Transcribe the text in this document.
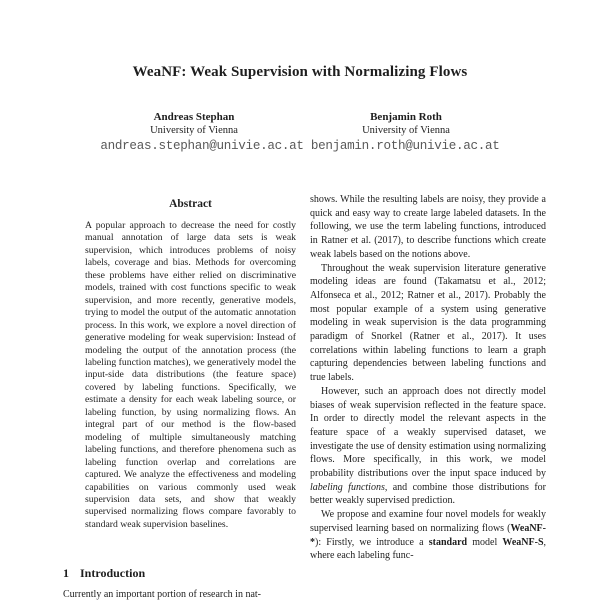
WeaNF: Weak Supervision with Normalizing Flows
Andreas Stephan
University of Vienna
Benjamin Roth
University of Vienna
andreas.stephan@univie.ac.at benjamin.roth@univie.ac.at
Abstract
A popular approach to decrease the need for costly manual annotation of large data sets is weak supervision, which introduces problems of noisy labels, coverage and bias. Methods for overcoming these problems have either relied on discriminative models, trained with cost functions specific to weak supervision, and more recently, generative models, trying to model the output of the automatic annotation process. In this work, we explore a novel direction of generative modeling for weak supervision: Instead of modeling the output of the annotation process (the labeling function matches), we generatively model the input-side data distributions (the feature space) covered by labeling functions. Specifically, we estimate a density for each weak labeling source, or labeling function, by using normalizing flows. An integral part of our method is the flow-based modeling of multiple simultaneously matching labeling functions, and therefore phenomena such as labeling function overlap and correlations are captured. We analyze the effectiveness and modeling capabilities on various commonly used weak supervision data sets, and show that weakly supervised normalizing flows compare favorably to standard weak supervision baselines.
1 Introduction
Currently an important portion of research in nat-

shows. While the resulting labels are noisy, they provide a quick and easy way to create large labeled datasets. In the following, we use the term labeling functions, introduced in Ratner et al. (2017), to describe functions which create weak labels based on the notions above.

Throughout the weak supervision literature generative modeling ideas are found (Takamatsu et al., 2012; Alfonseca et al., 2012; Ratner et al., 2017). Probably the most popular example of a system using generative modeling in weak supervision is the data programming paradigm of Snorkel (Ratner et al., 2017). It uses correlations within labeling functions to learn a graph capturing dependencies between labeling functions and true labels.

However, such an approach does not directly model biases of weak supervision reflected in the feature space. In order to directly model the relevant aspects in the feature space of a weakly supervised dataset, we investigate the use of density estimation using normalizing flows. More specifically, in this work, we model probability distributions over the input space induced by labeling functions, and combine those distributions for better weakly supervised prediction.

We propose and examine four novel models for weakly supervised learning based on normalizing flows (WeaNF-*): Firstly, we introduce a standard model WeaNF-S, where each labeling func-
